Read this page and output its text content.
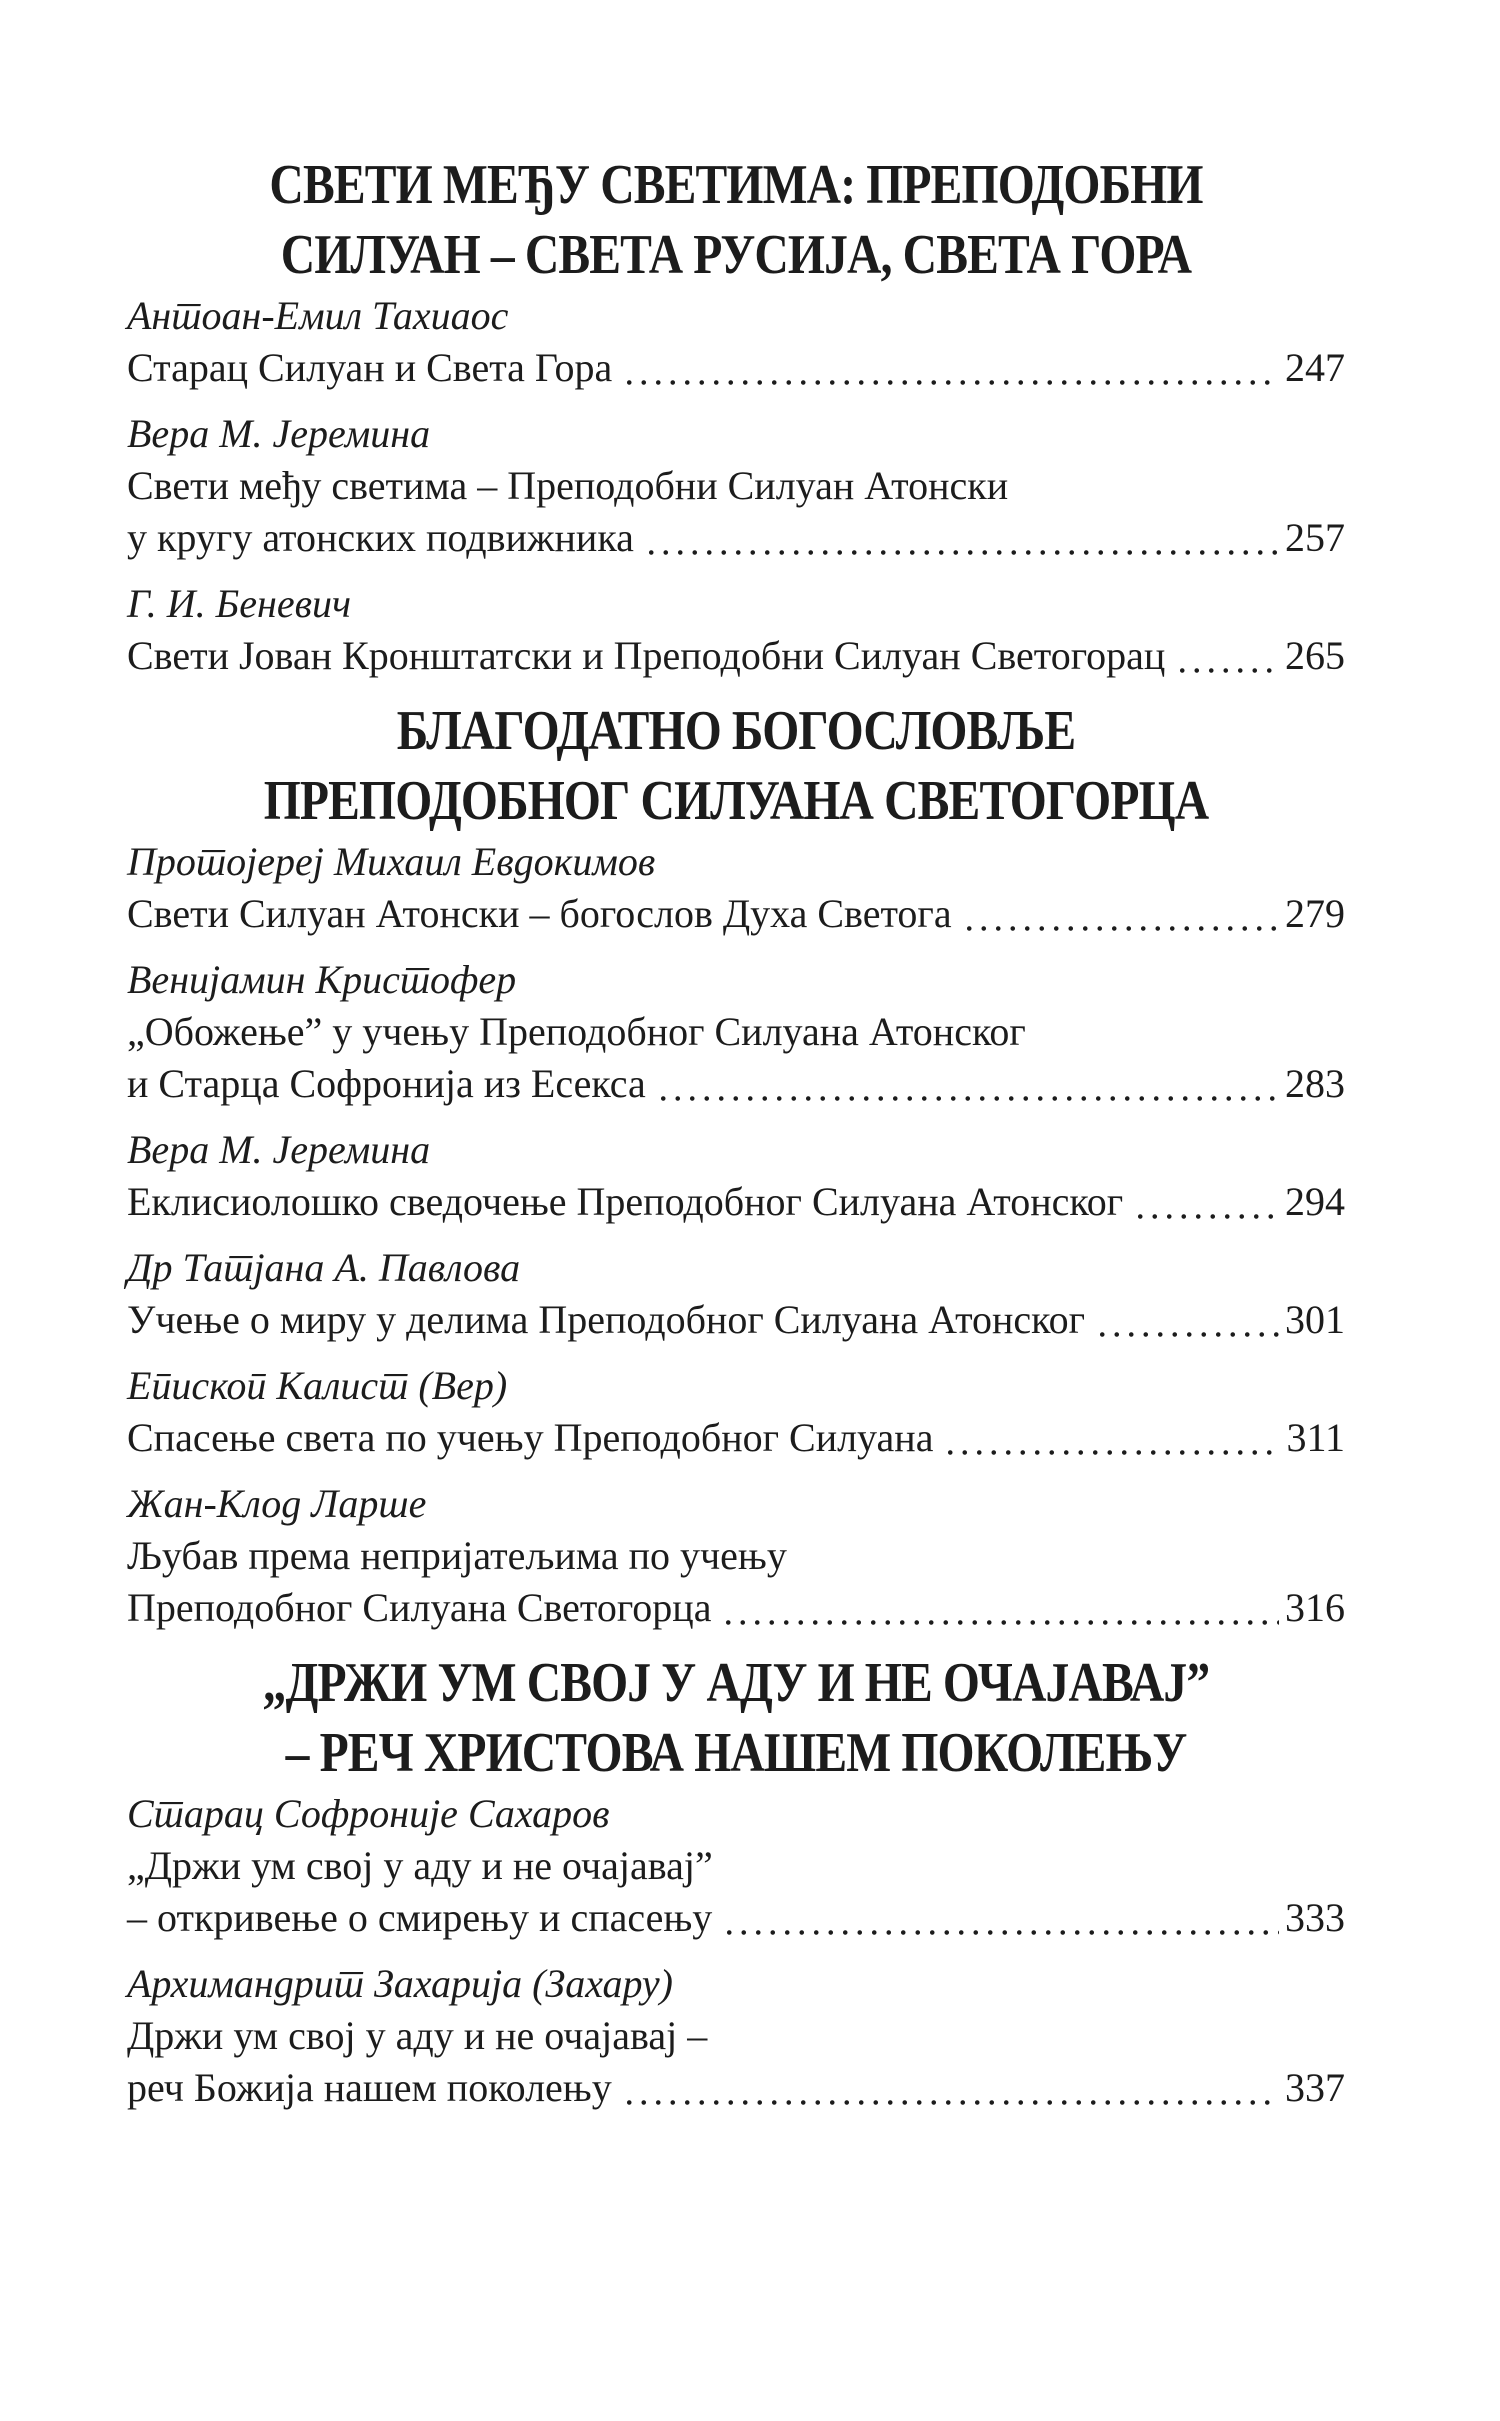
СВЕТИ МЕЂУ СВЕТИМА: ПРЕПОДОБНИ
СИЛУАН – СВЕТА РУСИЈА, СВЕТА ГОРА
Антоан-Емил Тахиаос
Старац Силуан и Света Гора	247
Вера М. Јеремина
Свети међу светима – Преподобни Силуан Атонски
у кругу атонских подвижника	257
Г. И. Беневич
Свети Јован Кронштатски и Преподобни Силуан Светогорац	265
БЛАГОДАТНО БОГОСЛОВЉЕ
ПРЕПОДОБНОГ СИЛУАНА СВЕТОГОРЦА
Протојереј Михаил Евдокимов
Свети Силуан Атонски – богослов Духа Светога	279
Венијамин Кристофер
„Обожење” у учењу Преподобног Силуана Атонског
и Старца Софронија из Есекса	283
Вера М. Јеремина
Еклисиолошко сведочење Преподобног Силуана Атонског	294
Др Татјана А. Павлова
Учење о миру у делима Преподобног Силуана Атонског	301
Епископ Калист (Вер)
Спасење света по учењу Преподобног Силуана	311
Жан-Клод Ларше
Љубав према непријатељима по учењу
Преподобног Силуана Светогорца	316
„ДРЖИ УМ СВОЈ У АДУ И НЕ ОЧАЈАВАЈ”
– РЕЧ ХРИСТОВА НАШЕМ ПОКОЛЕЊУ
Старац Софроније Сахаров
„Држи ум свој у аду и не очајавај”
– откривење о смирењу и спасењу	333
Архимандрит Захарија (Захару)
Држи ум свој у аду и не очајавај –
реч Божија нашем поколењу	337
